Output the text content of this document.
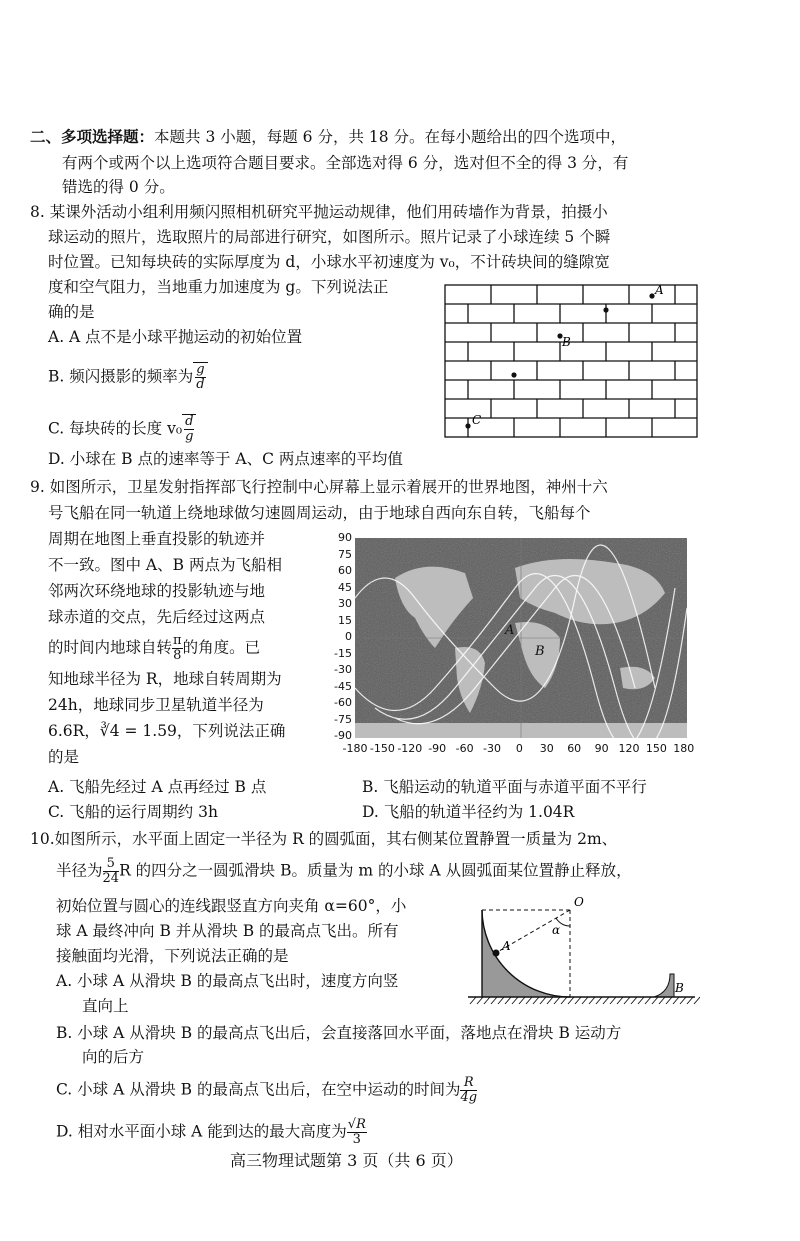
二、多项选择题：本题共 3 小题，每题 6 分，共 18 分。在每小题给出的四个选项中，
有两个或两个以上选项符合题目要求。全部选对得 6 分，选对但不全的得 3 分，有
错选的得 0 分。
8. 某课外活动小组利用频闪照相机研究平抛运动规律，他们用砖墙作为背景，拍摄小
球运动的照片，选取照片的局部进行研究，如图所示。照片记录了小球连续 5 个瞬
时位置。已知每块砖的实际厚度为 d，小球水平初速度为 v₀，不计砖块间的缝隙宽
度和空气阻力，当地重力加速度为 g。下列说法正
确的是
A. A 点不是小球平抛运动的初始位置
B. 频闪摄影的频率为 $\frac{g}{d}$
C. 每块砖的长度 $v_0 \frac{d}{g}$
D. 小球在 B 点的速率等于 A、C 两点速率的平均值
A
B
C
9. 如图所示，卫星发射指挥部飞行控制中心屏幕上显示着展开的世界地图，神州十六
号飞船在同一轨道上绕地球做匀速圆周运动，由于地球自西向东自转，飞船每个
周期在地图上垂直投影的轨迹并
不一致。图中 A、B 两点为飞船相
邻两次环绕地球的投影轨迹与地
球赤道的交点，先后经过这两点
的时间内地球自转 $\frac{\pi}{8}$ 的角度。已
知地球半径为 R，地球自转周期为
24h，地球同步卫星轨道半径为
6.6R，∛4 = 1.59，下列说法正确
的是
A. 飞船先经过 A 点再经过 B 点	B. 飞船运动的轨道平面与赤道平面不平行
C. 飞船的运行周期约 3h	D. 飞船的轨道半径约为 1.04R
90
75
60
45
30
15
0
-15
-30
-45
-60
-75
-90
-180 -150 -120 -90 -60 -30	0	30	60	90 120 150 180
A
B
10.如图所示，水平面上固定一半径为 R 的圆弧面，其右侧某位置静置一质量为 2m、
半径为 $\frac{5}{24}$ R 的四分之一圆弧滑块 B。质量为 m 的小球 A 从圆弧面某位置静止释放，
初始位置与圆心的连线跟竖直方向夹角 α=60°，小
球 A 最终冲向 B 并从滑块 B 的最高点飞出。所有
接触面均光滑，下列说法正确的是
A. 小球 A 从滑块 B 的最高点飞出时，速度方向竖
直向上
B. 小球 A 从滑块 B 的最高点飞出后，会直接落回水平面，落地点在滑块 B 运动方
向的后方
C. 小球 A 从滑块 B 的最高点飞出后，在空中运动的时间为 $\frac{R}{4g}$
D. 相对水平面小球 A 能到达的最大高度为 $\frac{√R}{3}$
O
α
A
B
高三物理试题第 3 页（共 6 页）
